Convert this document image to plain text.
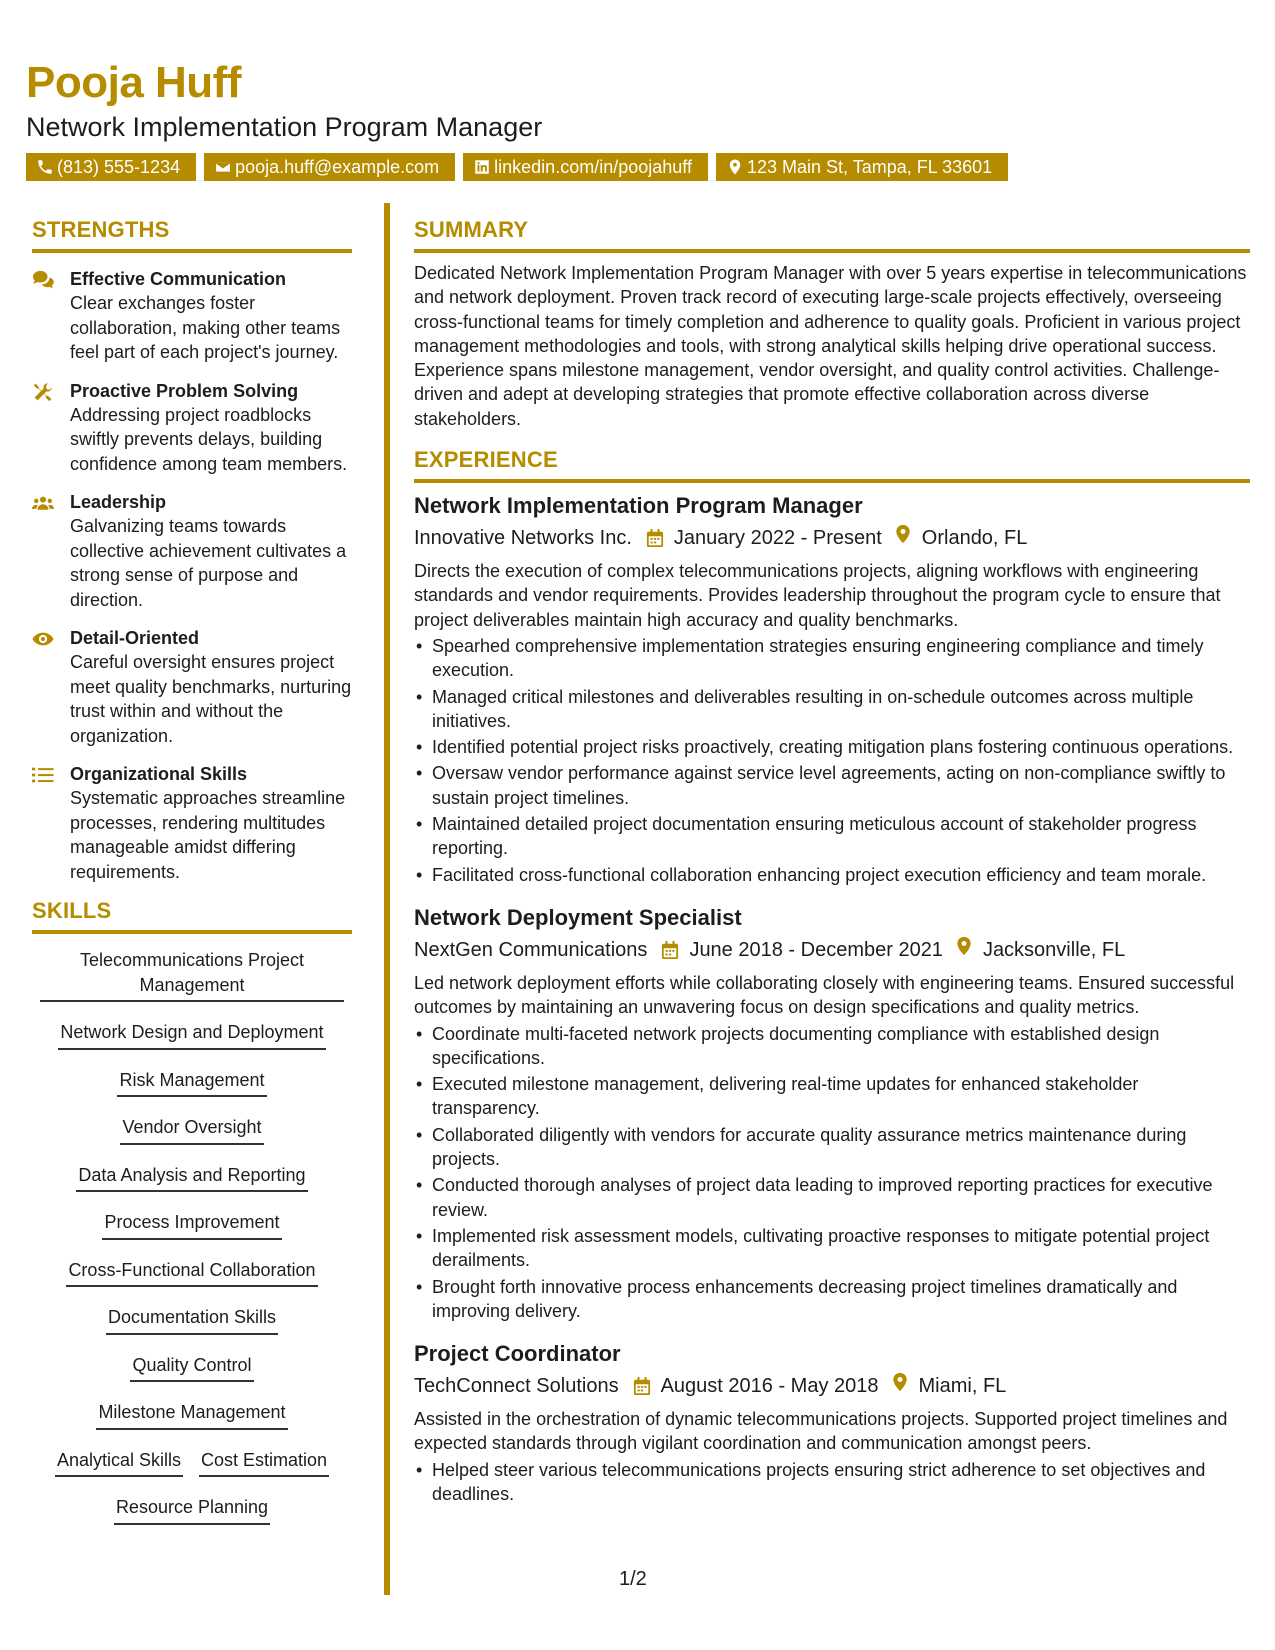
Pooja Huff
Network Implementation Program Manager
(813) 555-1234	pooja.huff@example.com	linkedin.com/in/poojahuff	123 Main St, Tampa, FL 33601
STRENGTHS
Effective Communication
Clear exchanges foster collaboration, making other teams feel part of each project's journey.
Proactive Problem Solving
Addressing project roadblocks swiftly prevents delays, building confidence among team members.
Leadership
Galvanizing teams towards collective achievement cultivates a strong sense of purpose and direction.
Detail-Oriented
Careful oversight ensures project meet quality benchmarks, nurturing trust within and without the organization.
Organizational Skills
Systematic approaches streamline processes, rendering multitudes manageable amidst differing requirements.
SKILLS
Telecommunications Project Management
Network Design and Deployment
Risk Management
Vendor Oversight
Data Analysis and Reporting
Process Improvement
Cross-Functional Collaboration
Documentation Skills
Quality Control
Milestone Management
Analytical Skills Cost Estimation
Resource Planning
SUMMARY
Dedicated Network Implementation Program Manager with over 5 years expertise in telecommunications and network deployment. Proven track record of executing large-scale projects effectively, overseeing cross-functional teams for timely completion and adherence to quality goals. Proficient in various project management methodologies and tools, with strong analytical skills helping drive operational success. Experience spans milestone management, vendor oversight, and quality control activities. Challenge-driven and adept at developing strategies that promote effective collaboration across diverse stakeholders.
EXPERIENCE
Network Implementation Program Manager
Innovative Networks Inc. January 2022 - Present Orlando, FL
Directs the execution of complex telecommunications projects, aligning workflows with engineering standards and vendor requirements. Provides leadership throughout the program cycle to ensure that project deliverables maintain high accuracy and quality benchmarks.
• Spearhed comprehensive implementation strategies ensuring engineering compliance and timely execution.
• Managed critical milestones and deliverables resulting in on-schedule outcomes across multiple initiatives.
• Identified potential project risks proactively, creating mitigation plans fostering continuous operations.
• Oversaw vendor performance against service level agreements, acting on non-compliance swiftly to sustain project timelines.
• Maintained detailed project documentation ensuring meticulous account of stakeholder progress reporting.
• Facilitated cross-functional collaboration enhancing project execution efficiency and team morale.
Network Deployment Specialist
NextGen Communications June 2018 - December 2021 Jacksonville, FL
Led network deployment efforts while collaborating closely with engineering teams. Ensured successful outcomes by maintaining an unwavering focus on design specifications and quality metrics.
• Coordinate multi-faceted network projects documenting compliance with established design specifications.
• Executed milestone management, delivering real-time updates for enhanced stakeholder transparency.
• Collaborated diligently with vendors for accurate quality assurance metrics maintenance during projects.
• Conducted thorough analyses of project data leading to improved reporting practices for executive review.
• Implemented risk assessment models, cultivating proactive responses to mitigate potential project derailments.
• Brought forth innovative process enhancements decreasing project timelines dramatically and improving delivery.
Project Coordinator
TechConnect Solutions August 2016 - May 2018 Miami, FL
Assisted in the orchestration of dynamic telecommunications projects. Supported project timelines and expected standards through vigilant coordination and communication amongst peers.
• Helped steer various telecommunications projects ensuring strict adherence to set objectives and deadlines.
1/2
